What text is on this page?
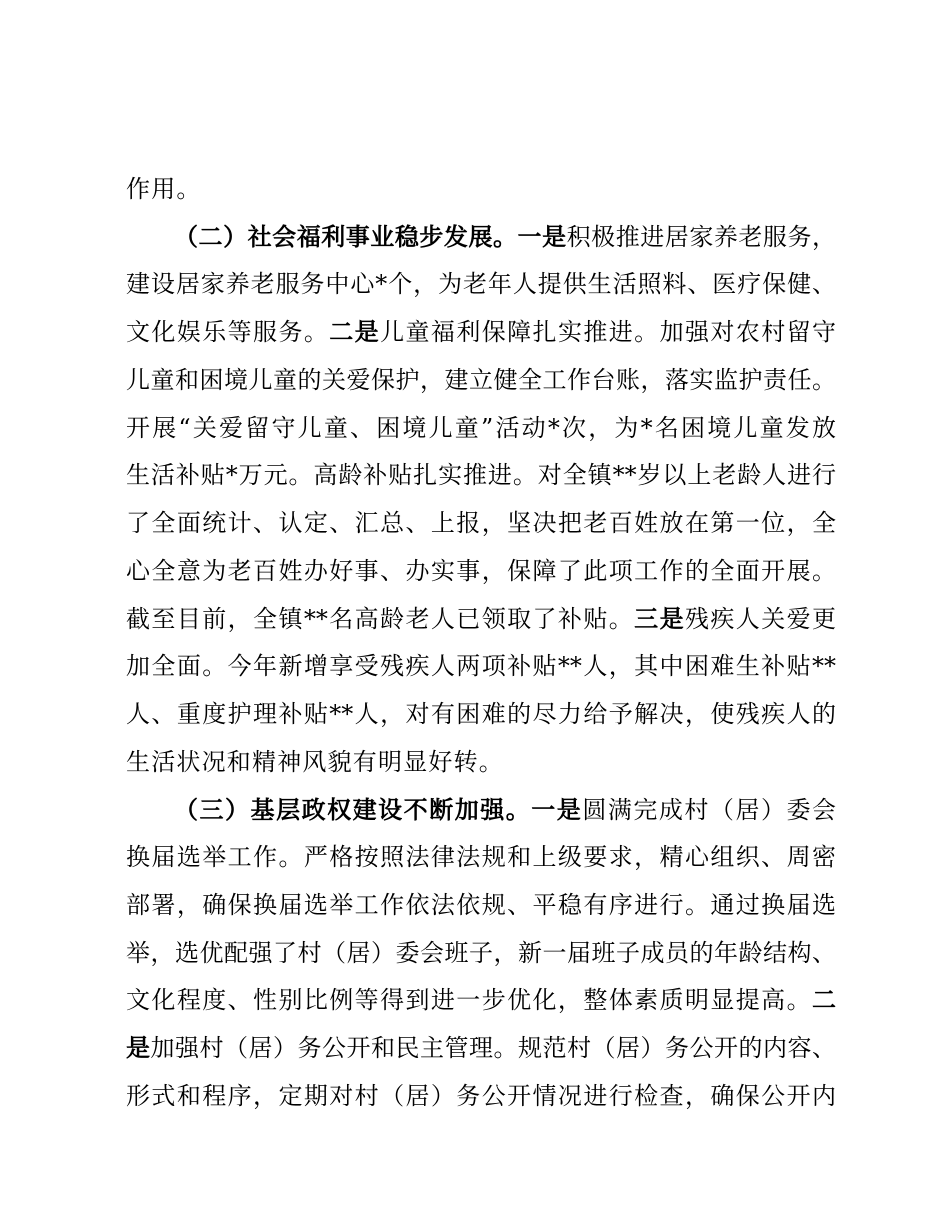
作用。
（二）社会福利事业稳步发展。一是积极推进居家养老服务，
建设居家养老服务中心*个，为老年人提供生活照料、医疗保健、
文化娱乐等服务。二是儿童福利保障扎实推进。加强对农村留守
儿童和困境儿童的关爱保护，建立健全工作台账，落实监护责任。
开展“关爱留守儿童、困境儿童”活动*次，为*名困境儿童发放
生活补贴*万元。高龄补贴扎实推进。对全镇**岁以上老龄人进行
了全面统计、认定、汇总、上报，坚决把老百姓放在第一位，全
心全意为老百姓办好事、办实事，保障了此项工作的全面开展。
截至目前，全镇**名高龄老人已领取了补贴。三是残疾人关爱更
加全面。今年新增享受残疾人两项补贴**人，其中困难生补贴**
人、重度护理补贴**人，对有困难的尽力给予解决，使残疾人的
生活状况和精神风貌有明显好转。
（三）基层政权建设不断加强。一是圆满完成村（居）委会
换届选举工作。严格按照法律法规和上级要求，精心组织、周密
部署，确保换届选举工作依法依规、平稳有序进行。通过换届选
举，选优配强了村（居）委会班子，新一届班子成员的年龄结构、
文化程度、性别比例等得到进一步优化，整体素质明显提高。二
是加强村（居）务公开和民主管理。规范村（居）务公开的内容、
形式和程序，定期对村（居）务公开情况进行检查，确保公开内
